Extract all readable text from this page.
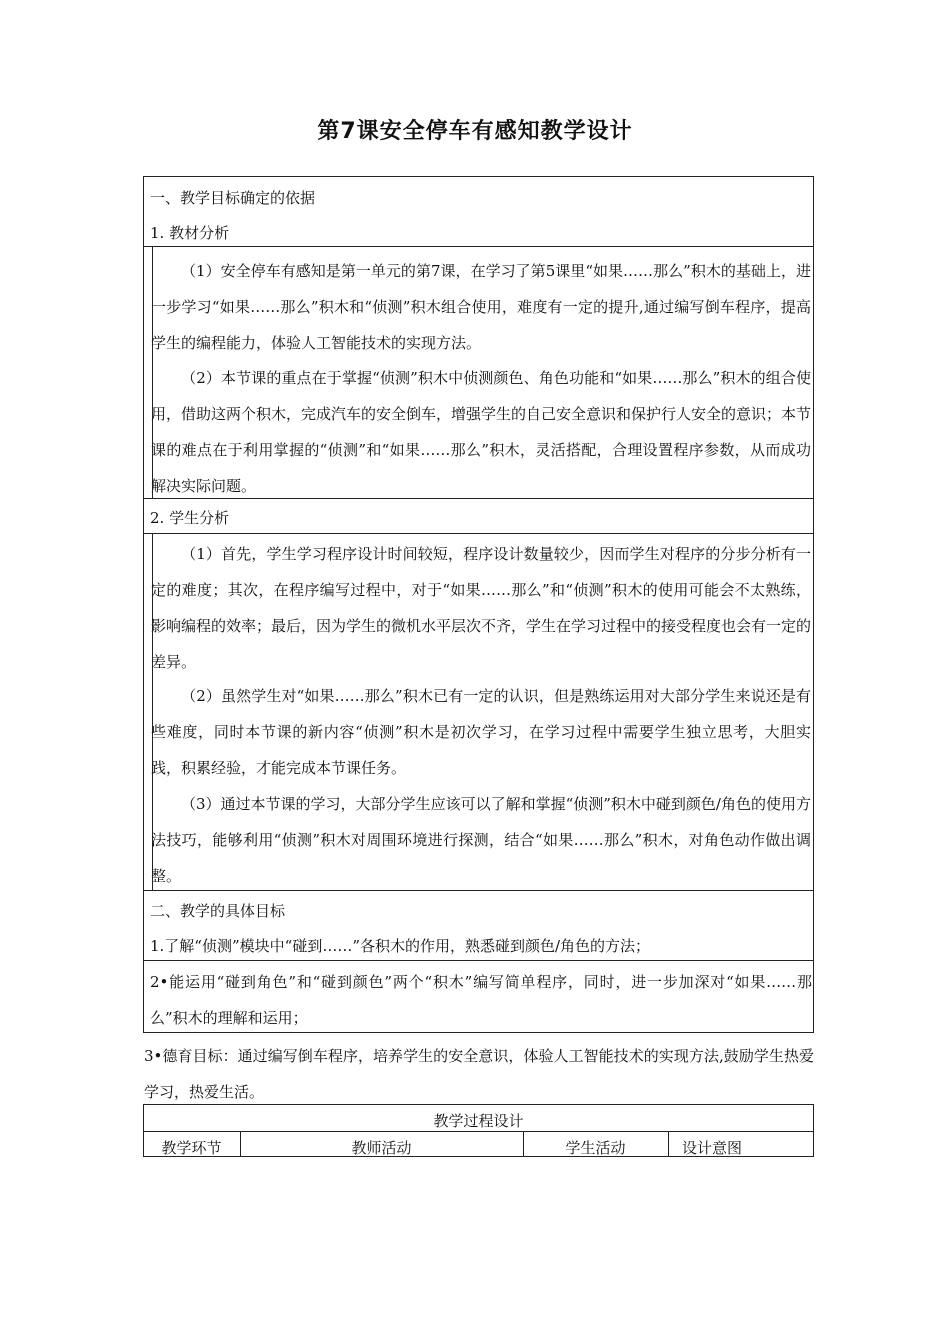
第7课安全停车有感知教学设计
一、教学目标确定的依据
1. 教材分析

（1）安全停车有感知是第一单元的第7课，在学习了第5课里“如果……那么”积木的基础上，进一步学习“如果……那么”积木和“侦测”积木组合使用，难度有一定的提升,通过编写倒车程序，提高学生的编程能力，体验人工智能技术的实现方法。

（2）本节课的重点在于掌握“侦测”积木中侦测颜色、角色功能和“如果……那么”积木的组合使用，借助这两个积木，完成汽车的安全倒车，增强学生的自己安全意识和保护行人安全的意识；本节课的难点在于利用掌握的“侦测”和“如果……那么”积木，灵活搭配，合理设置程序参数，从而成功解决实际问题。

2. 学生分析

（1）首先，学生学习程序设计时间较短，程序设计数量较少，因而学生对程序的分步分析有一定的难度；其次，在程序编写过程中，对于“如果……那么”和“侦测”积木的使用可能会不太熟练，影响编程的效率；最后，因为学生的微机水平层次不齐，学生在学习过程中的接受程度也会有一定的差异。

（2）虽然学生对“如果……那么”积木已有一定的认识，但是熟练运用对大部分学生来说还是有些难度，同时本节课的新内容“侦测”积木是初次学习，在学习过程中需要学生独立思考，大胆实践，积累经验，才能完成本节课任务。

（3）通过本节课的学习，大部分学生应该可以了解和掌握“侦测”积木中碰到颜色/角色的使用方法技巧，能够利用“侦测”积木对周围环境进行探测，结合“如果……那么”积木，对角色动作做出调整。

二、教学的具体目标
1.了解“侦测”模块中“碰到……”各积木的作用，熟悉碰到颜色/角色的方法；

2•能运用“碰到角色”和“碰到颜色”两个“积木”编写简单程序，同时，进一步加深对“如果……那么”积木的理解和运用；

3•德育目标：通过编写倒车程序，培养学生的安全意识，体验人工智能技术的实现方法,鼓励学生热爱学习，热爱生活。

教学过程设计
教学环节	教师活动	学生活动	设计意图
